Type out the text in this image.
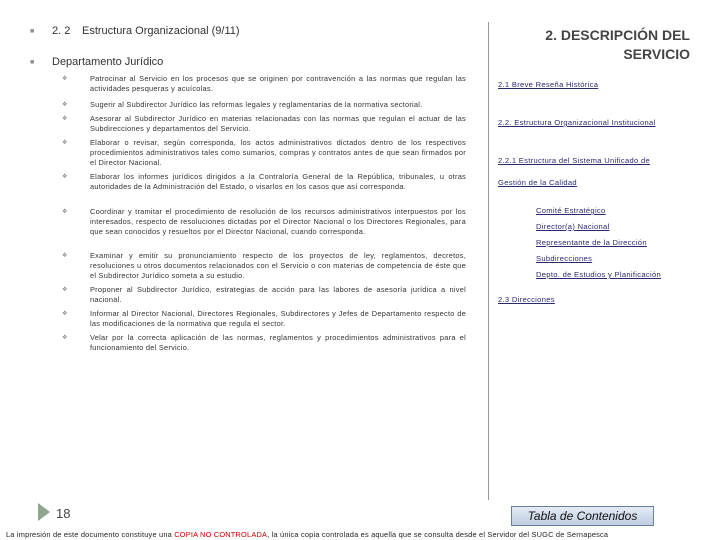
■ 2. 2 Estructura Organizacional (9/11)
■ Departamento Jurídico
❖	Patrocinar al Servicio en los procesos que se originen por contravención a las normas que regulan las actividades pesqueras y acuícolas.
❖	Sugerir al Subdirector Jurídico las reformas legales y reglamentarias de la normativa sectorial.
❖	Asesorar al Subdirector Jurídico en materias relacionadas con las normas que regulan el actuar de las Subdirecciones y departamentos del Servicio.
❖	Elaborar o revisar, según corresponda, los actos administrativos dictados dentro de los respectivos procedimientos administrativos tales como sumarios, compras y contratos antes de que sean firmados por el Director Nacional.
❖	Elaborar los informes jurídicos dirigidos a la Contraloría General de la República, tribunales, u otras autoridades de la Administración del Estado, o visarlos en los casos que así corresponda.
❖	Coordinar y tramitar el procedimiento de resolución de los recursos administrativos interpuestos por los interesados, respecto de resoluciones dictadas por el Director Nacional o los Directores Regionales, para que sean conocidos y resueltos por el Director Nacional, cuando corresponda.
❖	Examinar y emitir su pronunciamiento respecto de los proyectos de ley, reglamentos, decretos, resoluciones u otros documentos relacionados con el Servicio o con materias de competencia de éste que el Subdirector Jurídico someta a su estudio.
❖	Proponer al Subdirector Jurídico, estrategias de acción para las labores de asesoría jurídica a nivel nacional.
❖	Informar al Director Nacional, Directores Regionales, Subdirectores y Jefes de Departamento respecto de las modificaciones de la normativa que regula el sector.
❖	Velar por la correcta aplicación de las normas, reglamentos y procedimientos administrativos para el funcionamiento del Servicio.
2. DESCRIPCIÓN DEL
SERVICIO
2.1 Breve Reseña Histórica
2.2. Estructura Organizacional Institucional
2.2.1 Estructura del Sistema Unificado de
Gestión de la Calidad
Comité Estratégico
Director(a) Nacional
Representante de la Dirección
Subdirecciones
Depto. de Estudios y Planificación
2.3 Direcciones
18	Tabla de Contenidos
La impresión de este documento constituye una COPIA NO CONTROLADA, la única copia controlada es aquella que se consulta desde el Servidor del SUGC de Sernapesca
